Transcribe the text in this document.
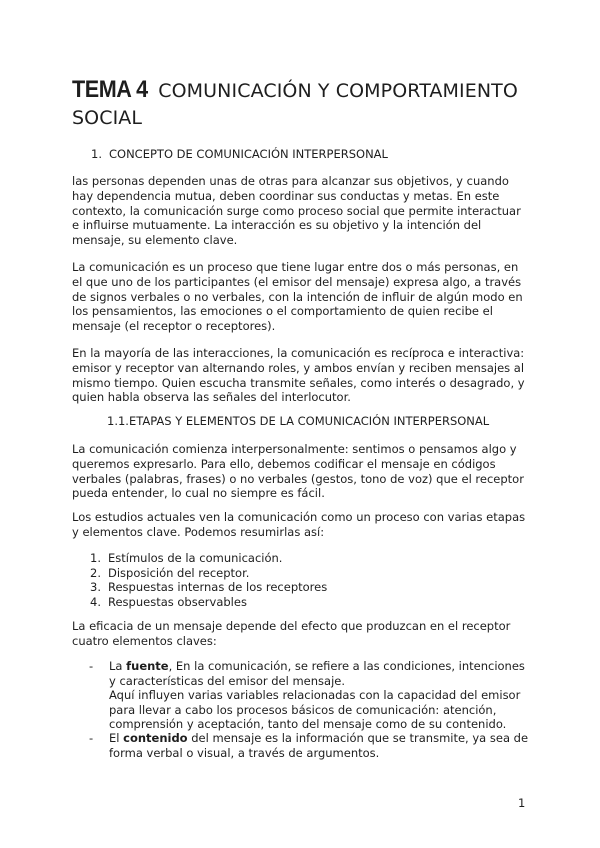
TEMA 4 COMUNICACIÓN Y COMPORTAMIENTO SOCIAL
1. CONCEPTO DE COMUNICACIÓN INTERPERSONAL
las personas dependen unas de otras para alcanzar sus objetivos, y cuando hay dependencia mutua, deben coordinar sus conductas y metas. En este contexto, la comunicación surge como proceso social que permite interactuar e influirse mutuamente. La interacción es su objetivo y la intención del mensaje, su elemento clave.
La comunicación es un proceso que tiene lugar entre dos o más personas, en el que uno de los participantes (el emisor del mensaje) expresa algo, a través de signos verbales o no verbales, con la intención de influir de algún modo en los pensamientos, las emociones o el comportamiento de quien recibe el mensaje (el receptor o receptores).
En la mayoría de las interacciones, la comunicación es recíproca e interactiva: emisor y receptor van alternando roles, y ambos envían y reciben mensajes al mismo tiempo. Quien escucha transmite señales, como interés o desagrado, y quien habla observa las señales del interlocutor.
1.1.ETAPAS Y ELEMENTOS DE LA COMUNICACIÓN INTERPERSONAL
La comunicación comienza interpersonalmente: sentimos o pensamos algo y queremos expresarlo. Para ello, debemos codificar el mensaje en códigos verbales (palabras, frases) o no verbales (gestos, tono de voz) que el receptor pueda entender, lo cual no siempre es fácil.
Los estudios actuales ven la comunicación como un proceso con varias etapas y elementos clave. Podemos resumirlas así:
1. Estímulos de la comunicación.
2. Disposición del receptor.
3. Respuestas internas de los receptores
4. Respuestas observables
La eficacia de un mensaje depende del efecto que produzcan en el receptor cuatro elementos claves:
- La fuente, En la comunicación, se refiere a las condiciones, intenciones y características del emisor del mensaje.
Aquí influyen varias variables relacionadas con la capacidad del emisor para llevar a cabo los procesos básicos de comunicación: atención, comprensión y aceptación, tanto del mensaje como de su contenido.
- El contenido del mensaje es la información que se transmite, ya sea de forma verbal o visual, a través de argumentos.
1
